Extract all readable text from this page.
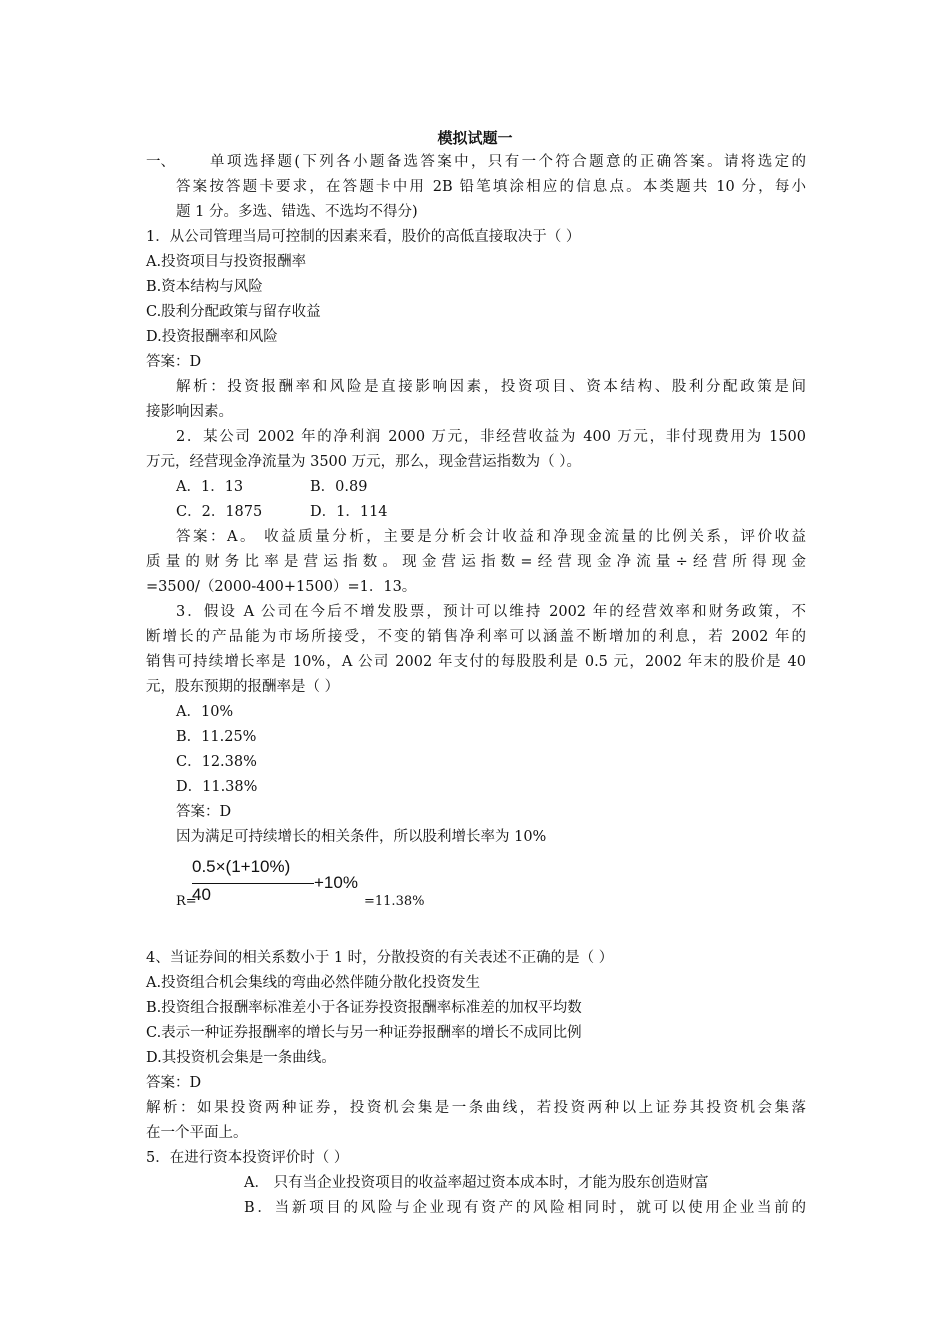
模拟试题一
一、 单项选择题(下列各小题备选答案中，只有一个符合题意的正确答案。请将选定的
答案按答题卡要求，在答题卡中用 2B 铅笔填涂相应的信息点。本类题共 10 分，每小
题 1 分。多选、错选、不选均不得分)
1．从公司管理当局可控制的因素来看，股价的高低直接取决于（ ）
A.投资项目与投资报酬率
B.资本结构与风险
C.股利分配政策与留存收益
D.投资报酬率和风险
答案：D
解析：投资报酬率和风险是直接影响因素，投资项目、资本结构、股利分配政策是间
接影响因素。
2．某公司 2002 年的净利润 2000 万元，非经营收益为 400 万元，非付现费用为 1500
万元，经营现金净流量为 3500 万元，那么，现金营运指数为（ ）。
A．1．13	B．0.89
C．2．1875	D．1．114
答案：A。 收益质量分析，主要是分析会计收益和净现金流量的比例关系，评价收益
质量的财务比率是营运指数。现金营运指数=经营现金净流量÷经营所得现金
=3500/（2000-400+1500）=1．13。
3．假设 A 公司在今后不增发股票，预计可以维持 2002 年的经营效率和财务政策，不
断增长的产品能为市场所接受，不变的销售净利率可以涵盖不断增加的利息，若 2002 年的
销售可持续增长率是 10%，A 公司 2002 年支付的每股股利是 0.5 元，2002 年末的股价是 40
元，股东预期的报酬率是（ ）
A．10%
B．11.25%
C．12.38%
D．11.38%
答案：D
因为满足可持续增长的相关条件，所以股利增长率为 10%
0.5×(1+10%)
40
+10%
R=	=11.38%
4、当证券间的相关系数小于 1 时，分散投资的有关表述不正确的是（ ）
A.投资组合机会集线的弯曲必然伴随分散化投资发生
B.投资组合报酬率标准差小于各证券投资报酬率标准差的加权平均数
C.表示一种证券报酬率的增长与另一种证券报酬率的增长不成同比例
D.其投资机会集是一条曲线。
答案：D
解析：如果投资两种证券，投资机会集是一条曲线，若投资两种以上证券其投资机会集落
在一个平面上。
5．在进行资本投资评价时（ ）
A． 只有当企业投资项目的收益率超过资本成本时，才能为股东创造财富
B．当新项目的风险与企业现有资产的风险相同时，就可以使用企业当前的
